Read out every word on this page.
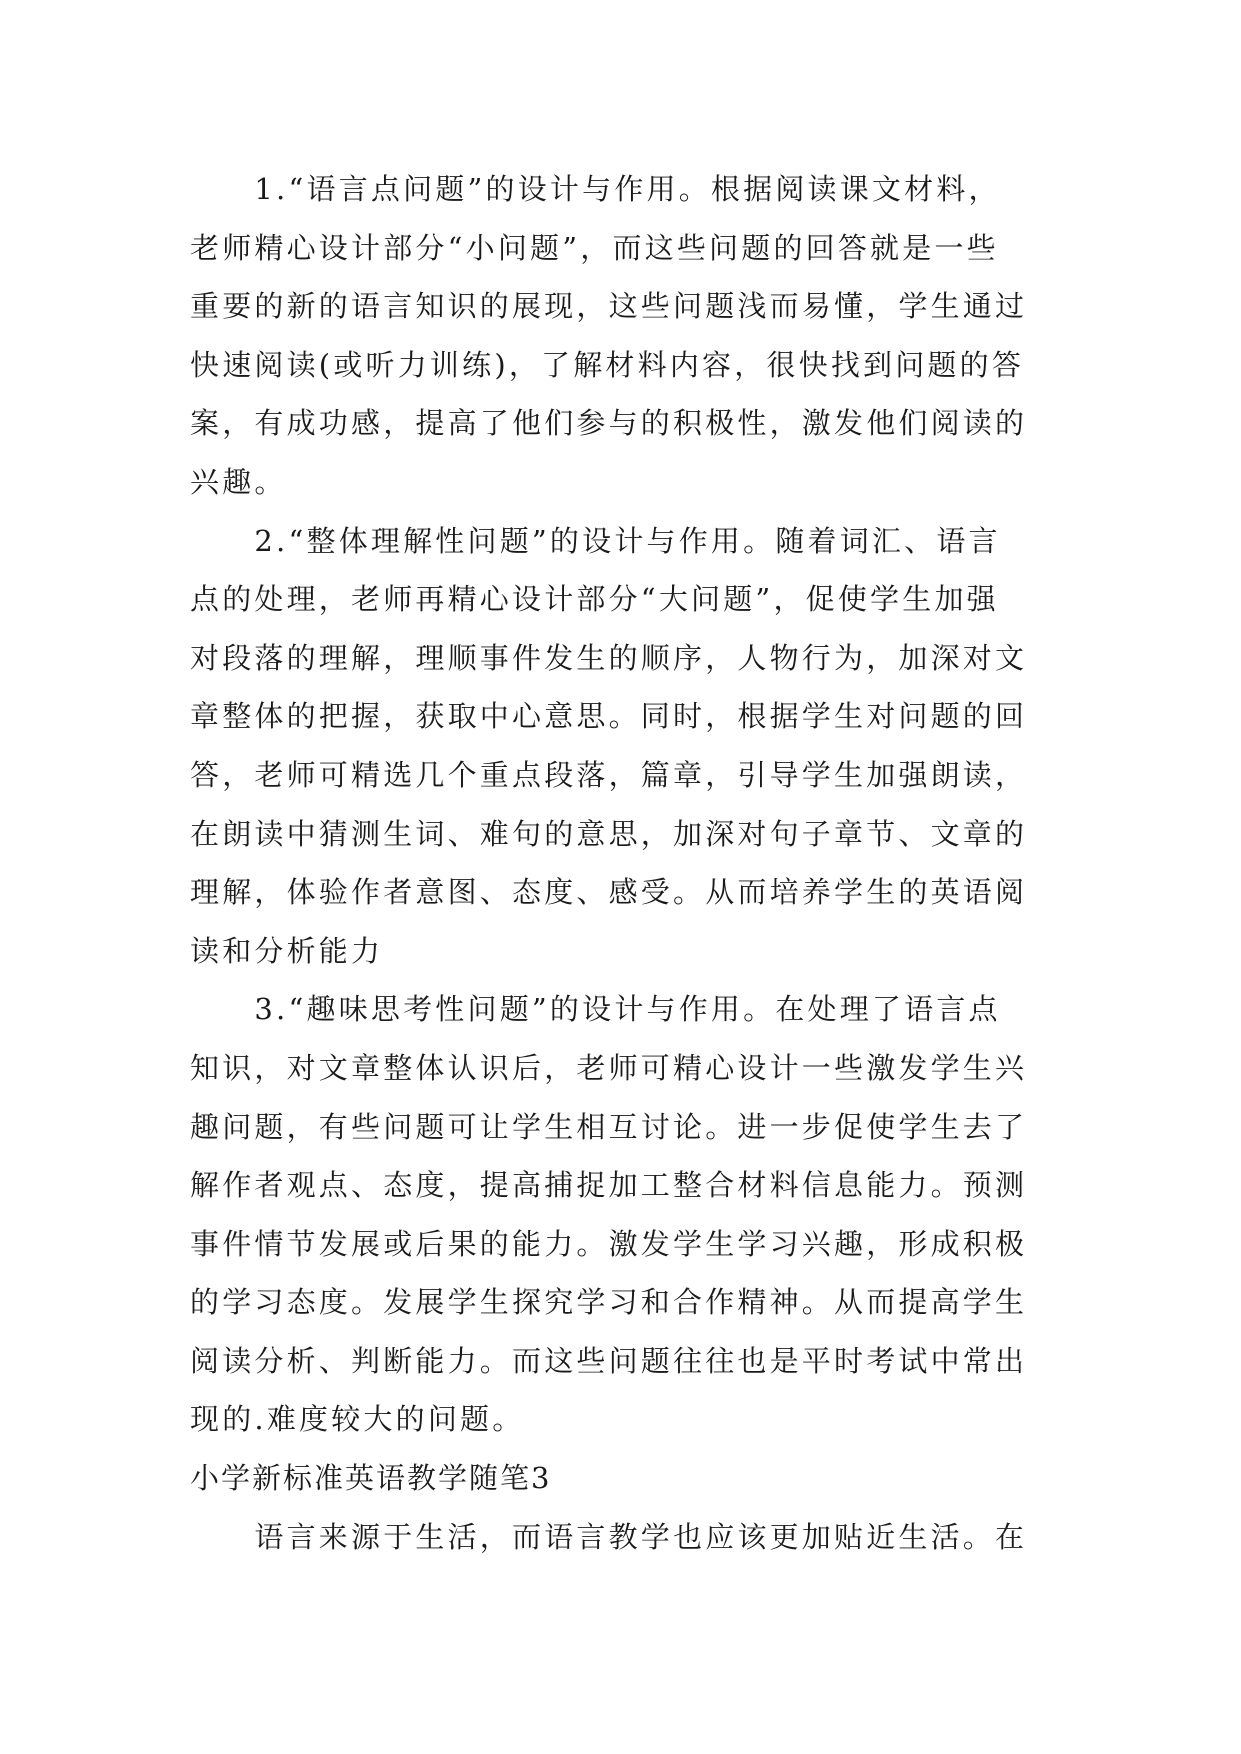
　　1.“语言点问题”的设计与作用。根据阅读课文材料，
老师精心设计部分“小问题”，而这些问题的回答就是一些
重要的新的语言知识的展现，这些问题浅而易懂，学生通过
快速阅读(或听力训练)，了解材料内容，很快找到问题的答
案，有成功感，提高了他们参与的积极性，激发他们阅读的
兴趣。
　　2.“整体理解性问题”的设计与作用。随着词汇、语言
点的处理，老师再精心设计部分“大问题”，促使学生加强
对段落的理解，理顺事件发生的顺序，人物行为，加深对文
章整体的把握，获取中心意思。同时，根据学生对问题的回
答，老师可精选几个重点段落，篇章，引导学生加强朗读，
在朗读中猜测生词、难句的意思，加深对句子章节、文章的
理解，体验作者意图、态度、感受。从而培养学生的英语阅
读和分析能力
　　3.“趣味思考性问题”的设计与作用。在处理了语言点
知识，对文章整体认识后，老师可精心设计一些激发学生兴
趣问题，有些问题可让学生相互讨论。进一步促使学生去了
解作者观点、态度，提高捕捉加工整合材料信息能力。预测
事件情节发展或后果的能力。激发学生学习兴趣，形成积极
的学习态度。发展学生探究学习和合作精神。从而提高学生
阅读分析、判断能力。而这些问题往往也是平时考试中常出
现的.难度较大的问题。
小学新标准英语教学随笔3
　　语言来源于生活，而语言教学也应该更加贴近生活。在
